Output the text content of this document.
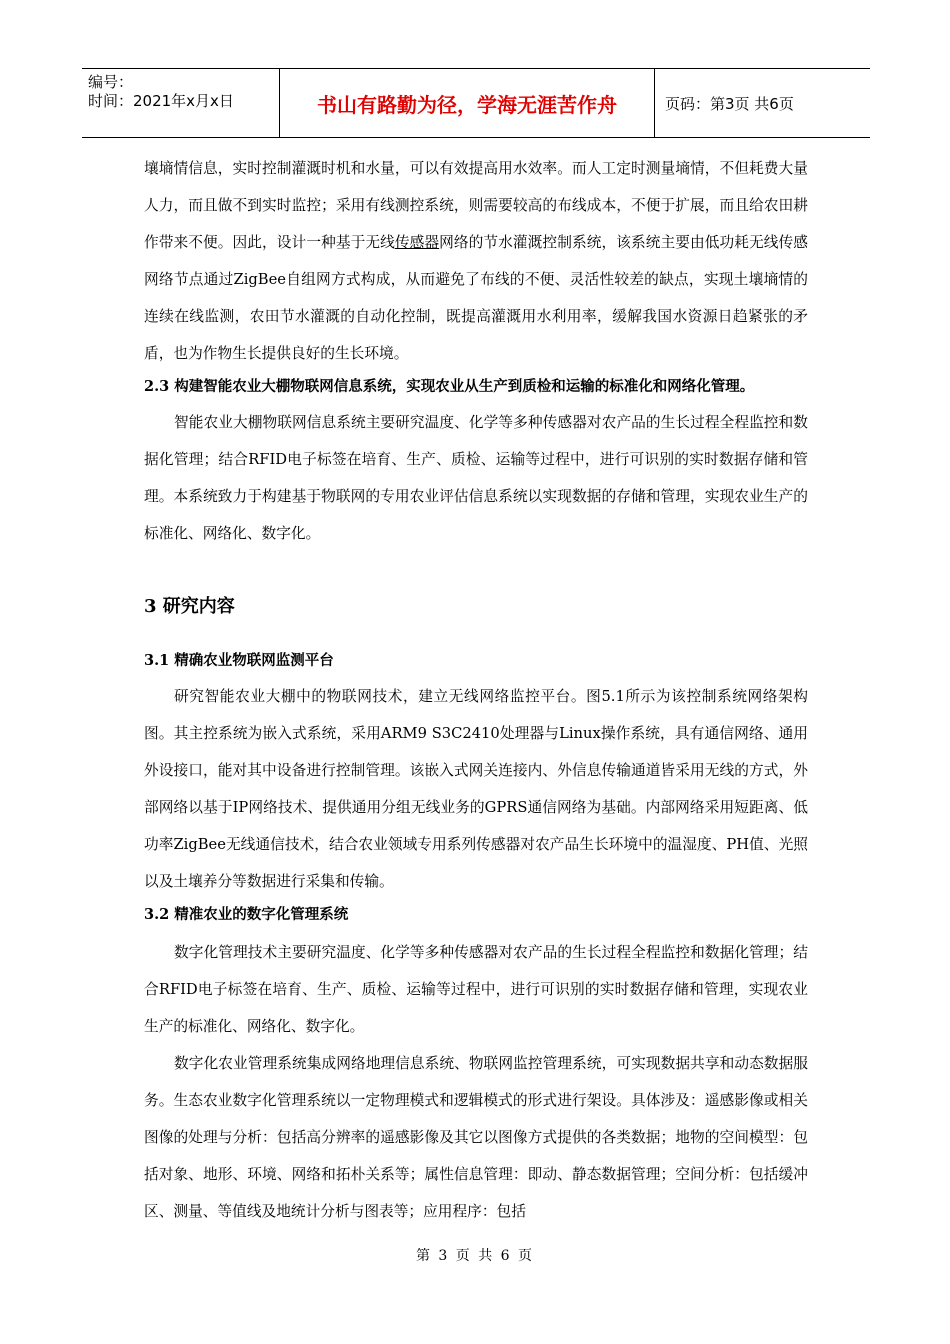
编号：
时间：2021年x月x日	书山有路勤为径，学海无涯苦作舟	页码：第3页 共6页

壤墒情信息，实时控制灌溉时机和水量，可以有效提高用水效率。而人工定时测量墒情，不但耗费大量人力，而且做不到实时监控；采用有线测控系统，则需要较高的布线成本，不便于扩展，而且给农田耕作带来不便。因此，设计一种基于无线传感器网络的节水灌溉控制系统，该系统主要由低功耗无线传感网络节点通过ZigBee自组网方式构成，从而避免了布线的不便、灵活性较差的缺点，实现土壤墒情的连续在线监测，农田节水灌溉的自动化控制，既提高灌溉用水利用率，缓解我国水资源日趋紧张的矛盾，也为作物生长提供良好的生长环境。

2.3 构建智能农业大棚物联网信息系统，实现农业从生产到质检和运输的标准化和网络化管理。

智能农业大棚物联网信息系统主要研究温度、化学等多种传感器对农产品的生长过程全程监控和数据化管理；结合RFID电子标签在培育、生产、质检、运输等过程中，进行可识别的实时数据存储和管理。本系统致力于构建基于物联网的专用农业评估信息系统以实现数据的存储和管理，实现农业生产的标准化、网络化、数字化。

3 研究内容

3.1 精确农业物联网监测平台

研究智能农业大棚中的物联网技术，建立无线网络监控平台。图5.1所示为该控制系统网络架构图。其主控系统为嵌入式系统，采用ARM9 S3C2410处理器与Linux操作系统，具有通信网络、通用外设接口，能对其中设备进行控制管理。该嵌入式网关连接内、外信息传输通道皆采用无线的方式，外部网络以基于IP网络技术、提供通用分组无线业务的GPRS通信网络为基础。内部网络采用短距离、低功率ZigBee无线通信技术，结合农业领域专用系列传感器对农产品生长环境中的温湿度、PH值、光照以及土壤养分等数据进行采集和传输。

3.2 精准农业的数字化管理系统

数字化管理技术主要研究温度、化学等多种传感器对农产品的生长过程全程监控和数据化管理；结合RFID电子标签在培育、生产、质检、运输等过程中，进行可识别的实时数据存储和管理，实现农业生产的标准化、网络化、数字化。

数字化农业管理系统集成网络地理信息系统、物联网监控管理系统，可实现数据共享和动态数据服务。生态农业数字化管理系统以一定物理模式和逻辑模式的形式进行架设。具体涉及：遥感影像或相关图像的处理与分析：包括高分辨率的遥感影像及其它以图像方式提供的各类数据；地物的空间模型：包括对象、地形、环境、网络和拓朴关系等；属性信息管理：即动、静态数据管理；空间分析：包括缓冲区、测量、等值线及地统计分析与图表等；应用程序：包括

第 3 页 共 6 页
